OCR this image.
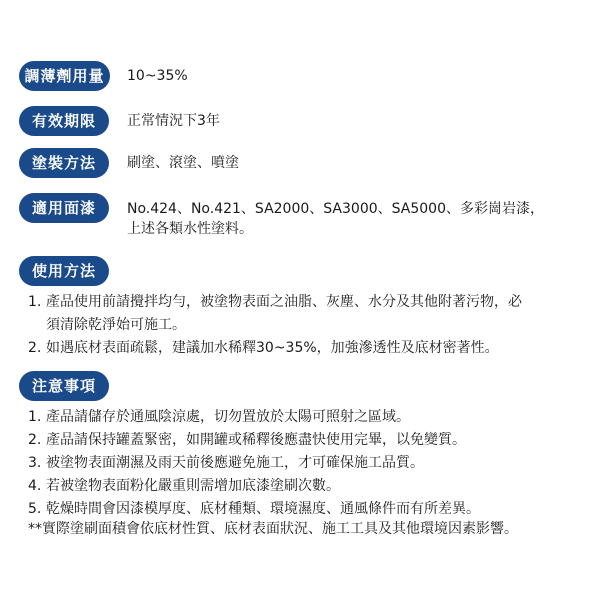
調薄劑用量	10~35%
有效期限	正常情況下3年
塗裝方法	刷塗、滾塗、噴塗
適用面漆	No.424、No.421、SA2000、SA3000、SA5000、多彩崗岩漆，
上述各類水性塗料。
使用方法
1. 產品使用前請攪拌均勻，被塗物表面之油脂、灰塵、水分及其他附著污物，必
須清除乾淨始可施工。
2. 如遇底材表面疏鬆，建議加水稀釋30~35%，加強滲透性及底材密著性。
注意事項
1. 產品請儲存於通風陰涼處，切勿置放於太陽可照射之區域。
2. 產品請保持罐蓋緊密，如開罐或稀釋後應盡快使用完畢，以免變質。
3. 被塗物表面潮濕及雨天前後應避免施工，才可確保施工品質。
4. 若被塗物表面粉化嚴重則需增加底漆塗刷次數。
5. 乾燥時間會因漆模厚度、底材種類、環境濕度、通風條件而有所差異。
**實際塗刷面積會依底材性質、底材表面狀況、施工工具及其他環境因素影響。
